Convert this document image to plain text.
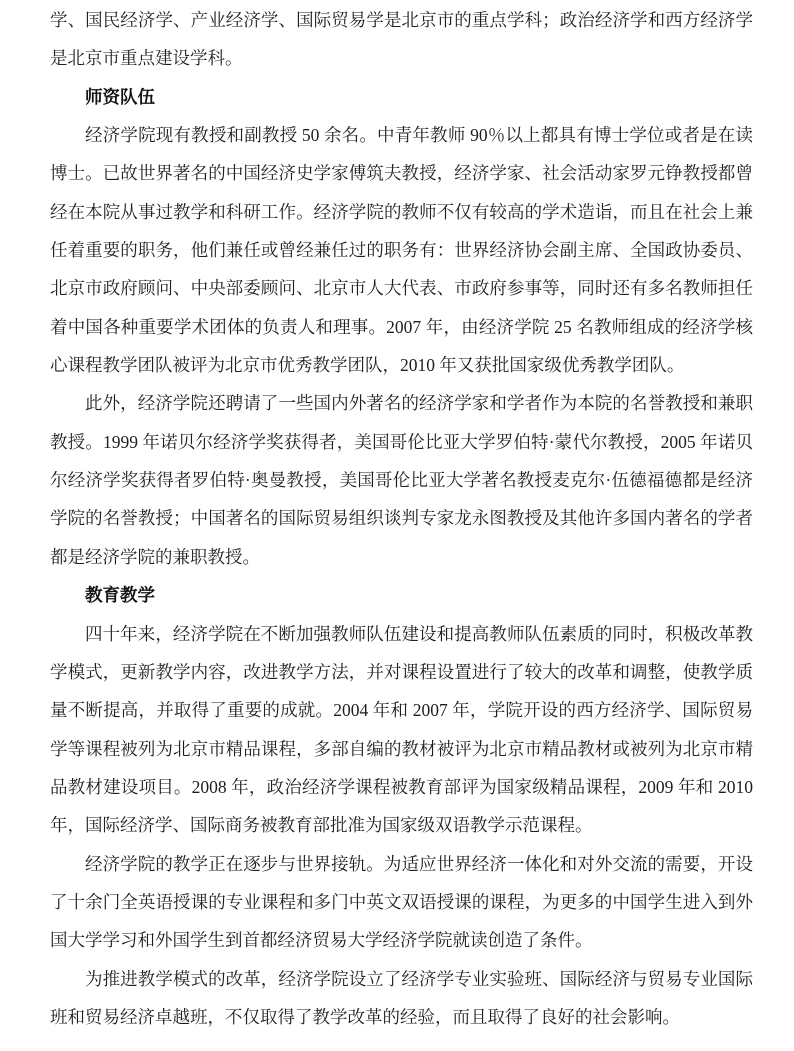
学、国民经济学、产业经济学、国际贸易学是北京市的重点学科；政治经济学和西方经济学是北京市重点建设学科。

师资队伍

经济学院现有教授和副教授 50 余名。中青年教师 90％以上都具有博士学位或者是在读博士。已故世界著名的中国经济史学家傅筑夫教授，经济学家、社会活动家罗元铮教授都曾经在本院从事过教学和科研工作。经济学院的教师不仅有较高的学术造诣，而且在社会上兼任着重要的职务，他们兼任或曾经兼任过的职务有：世界经济协会副主席、全国政协委员、北京市政府顾问、中央部委顾问、北京市人大代表、市政府参事等，同时还有多名教师担任着中国各种重要学术团体的负责人和理事。2007 年，由经济学院 25 名教师组成的经济学核心课程教学团队被评为北京市优秀教学团队，2010 年又获批国家级优秀教学团队。

此外，经济学院还聘请了一些国内外著名的经济学家和学者作为本院的名誉教授和兼职教授。1999 年诺贝尔经济学奖获得者，美国哥伦比亚大学罗伯特·蒙代尔教授，2005 年诺贝尔经济学奖获得者罗伯特·奥曼教授，美国哥伦比亚大学著名教授麦克尔·伍德福德都是经济学院的名誉教授；中国著名的国际贸易组织谈判专家龙永图教授及其他许多国内著名的学者都是经济学院的兼职教授。

教育教学

四十年来，经济学院在不断加强教师队伍建设和提高教师队伍素质的同时，积极改革教学模式，更新教学内容，改进教学方法，并对课程设置进行了较大的改革和调整，使教学质量不断提高，并取得了重要的成就。2004 年和 2007 年，学院开设的西方经济学、国际贸易学等课程被列为北京市精品课程，多部自编的教材被评为北京市精品教材或被列为北京市精品教材建设项目。2008 年，政治经济学课程被教育部评为国家级精品课程，2009 年和 2010 年，国际经济学、国际商务被教育部批准为国家级双语教学示范课程。

经济学院的教学正在逐步与世界接轨。为适应世界经济一体化和对外交流的需要，开设了十余门全英语授课的专业课程和多门中英文双语授课的课程，为更多的中国学生进入到外国大学学习和外国学生到首都经济贸易大学经济学院就读创造了条件。

为推进教学模式的改革，经济学院设立了经济学专业实验班、国际经济与贸易专业国际班和贸易经济卓越班，不仅取得了教学改革的经验，而且取得了良好的社会影响。
